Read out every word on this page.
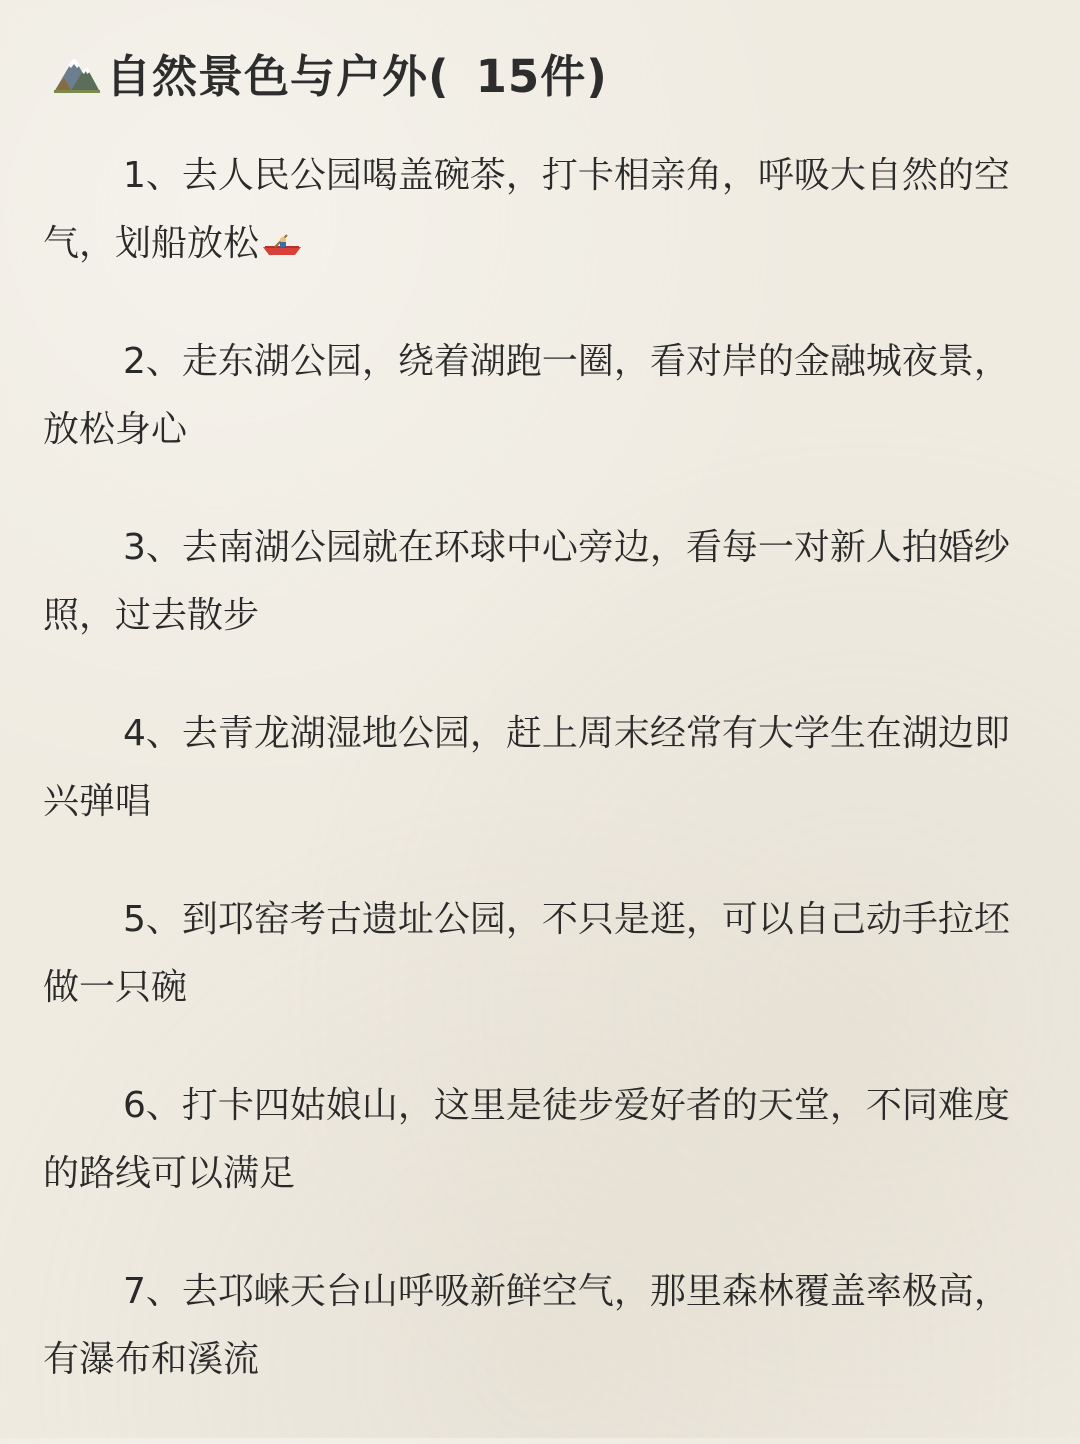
自然景色与户外( 15件)
1、去人民公园喝盖碗茶，打卡相亲角，呼吸大自然的空气，划船放松
2、走东湖公园，绕着湖跑一圈，看对岸的金融城夜景，放松身心
3、去南湖公园就在环球中心旁边，看每一对新人拍婚纱照，过去散步
4、去青龙湖湿地公园，赶上周末经常有大学生在湖边即兴弹唱
5、到邛窑考古遗址公园，不只是逛，可以自己动手拉坯做一只碗
6、打卡四姑娘山，这里是徒步爱好者的天堂，不同难度的路线可以满足
7、去邛崃天台山呼吸新鲜空气，那里森林覆盖率极高，有瀑布和溪流
